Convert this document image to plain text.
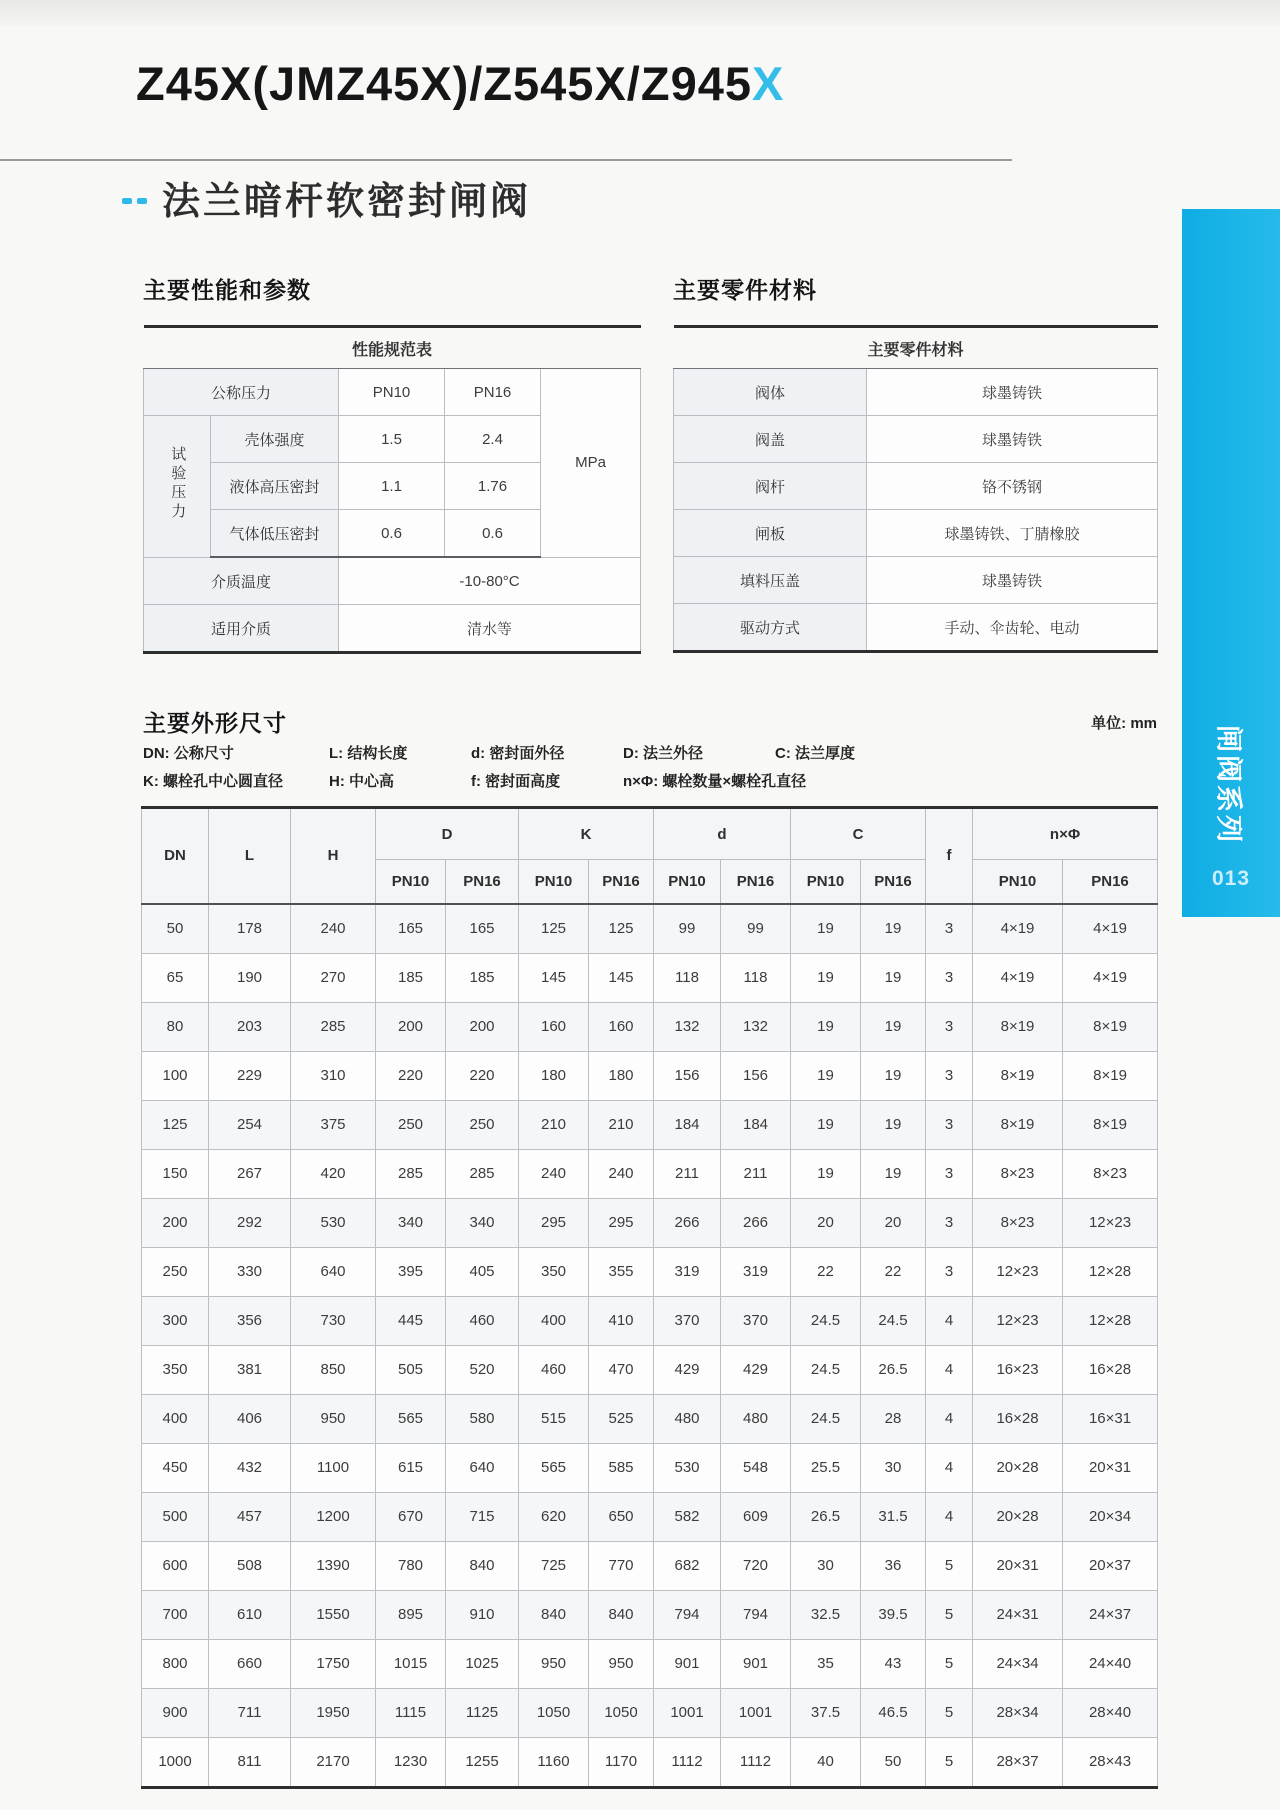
Z45X(JMZ45X)/Z545X/Z945X
法兰暗杆软密封闸阀
主要性能和参数
性能规范表				
公称压力		PN10	PN16	MPa
试验压力	壳体强度	1.5	2.4	
	液体高压密封	1.1	1.76	
	气体低压密封	0.6	0.6	
介质温度		-10-80°C		
适用介质		清水等		
主要零件材料
主要零件材料	
阀体	球墨铸铁
阀盖	球墨铸铁
阀杆	铬不锈钢
闸板	球墨铸铁、丁腈橡胶
填料压盖	球墨铸铁
驱动方式	手动、伞齿轮、电动
主要外形尺寸	单位: mm
DN: 公称尺寸	L: 结构长度	d: 密封面外径	D: 法兰外径	C: 法兰厚度
K: 螺栓孔中心圆直径	H: 中心高	f: 密封面高度	n×Φ: 螺栓数量×螺栓孔直径
DN	L	H	D		K		d		C		f	n×Φ	
			PN10	PN16	PN10	PN16	PN10	PN16	PN10	PN16		PN10	PN16
50	178	240	165	165	125	125	99	99	19	19	3	4×19	4×19
65	190	270	185	185	145	145	118	118	19	19	3	4×19	4×19
80	203	285	200	200	160	160	132	132	19	19	3	8×19	8×19
100	229	310	220	220	180	180	156	156	19	19	3	8×19	8×19
125	254	375	250	250	210	210	184	184	19	19	3	8×19	8×19
150	267	420	285	285	240	240	211	211	19	19	3	8×23	8×23
200	292	530	340	340	295	295	266	266	20	20	3	8×23	12×23
250	330	640	395	405	350	355	319	319	22	22	3	12×23	12×28
300	356	730	445	460	400	410	370	370	24.5	24.5	4	12×23	12×28
350	381	850	505	520	460	470	429	429	24.5	26.5	4	16×23	16×28
400	406	950	565	580	515	525	480	480	24.5	28	4	16×28	16×31
450	432	1100	615	640	565	585	530	548	25.5	30	4	20×28	20×31
500	457	1200	670	715	620	650	582	609	26.5	31.5	4	20×28	20×34
600	508	1390	780	840	725	770	682	720	30	36	5	20×31	20×37
700	610	1550	895	910	840	840	794	794	32.5	39.5	5	24×31	24×37
800	660	1750	1015	1025	950	950	901	901	35	43	5	24×34	24×40
900	711	1950	1115	1125	1050	1050	1001	1001	37.5	46.5	5	28×34	28×40
1000	811	2170	1230	1255	1160	1170	1112	1112	40	50	5	28×37	28×43
闸阀系列
013
